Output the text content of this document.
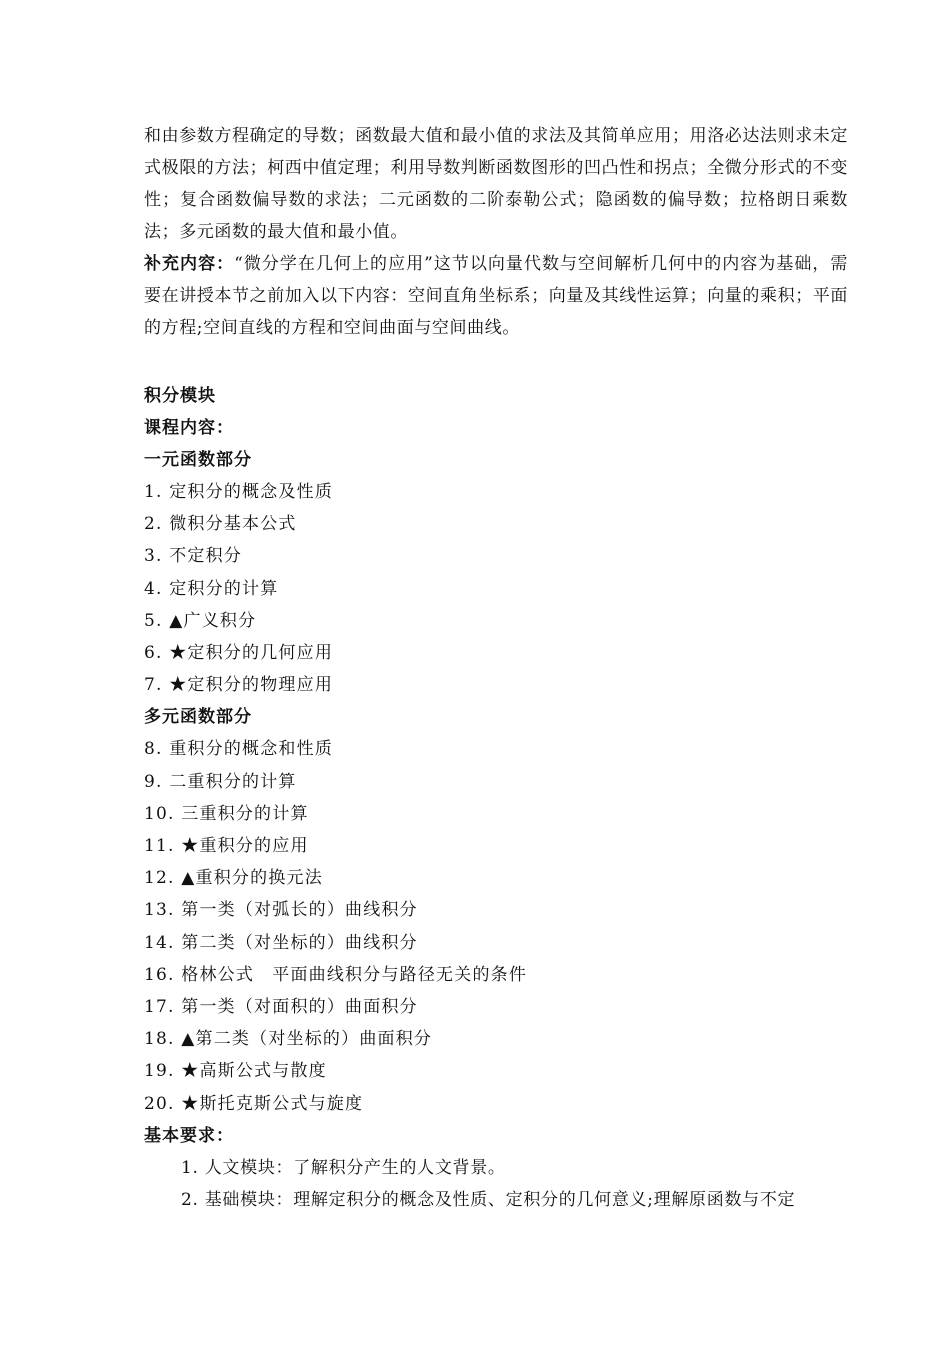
和由参数方程确定的导数；函数最大值和最小值的求法及其简单应用；用洛必达法则求未定式极限的方法；柯西中值定理；利用导数判断函数图形的凹凸性和拐点；全微分形式的不变性；复合函数偏导数的求法；二元函数的二阶泰勒公式；隐函数的偏导数；拉格朗日乘数法；多元函数的最大值和最小值。

补充内容：“微分学在几何上的应用”这节以向量代数与空间解析几何中的内容为基础，需要在讲授本节之前加入以下内容：空间直角坐标系；向量及其线性运算；向量的乘积；平面的方程;空间直线的方程和空间曲面与空间曲线。

积分模块

课程内容：

一元函数部分

1. 定积分的概念及性质

2. 微积分基本公式

3. 不定积分

4. 定积分的计算

5. ▲广义积分

6. ★定积分的几何应用

7. ★定积分的物理应用

多元函数部分

8. 重积分的概念和性质

9. 二重积分的计算

10. 三重积分的计算

11. ★重积分的应用

12. ▲重积分的换元法

13. 第一类（对弧长的）曲线积分

14. 第二类（对坐标的）曲线积分

16. 格林公式　平面曲线积分与路径无关的条件

17. 第一类（对面积的）曲面积分

18. ▲第二类（对坐标的）曲面积分

19. ★高斯公式与散度

20. ★斯托克斯公式与旋度

基本要求：

1. 人文模块：了解积分产生的人文背景。

2. 基础模块：理解定积分的概念及性质、定积分的几何意义;理解原函数与不定
